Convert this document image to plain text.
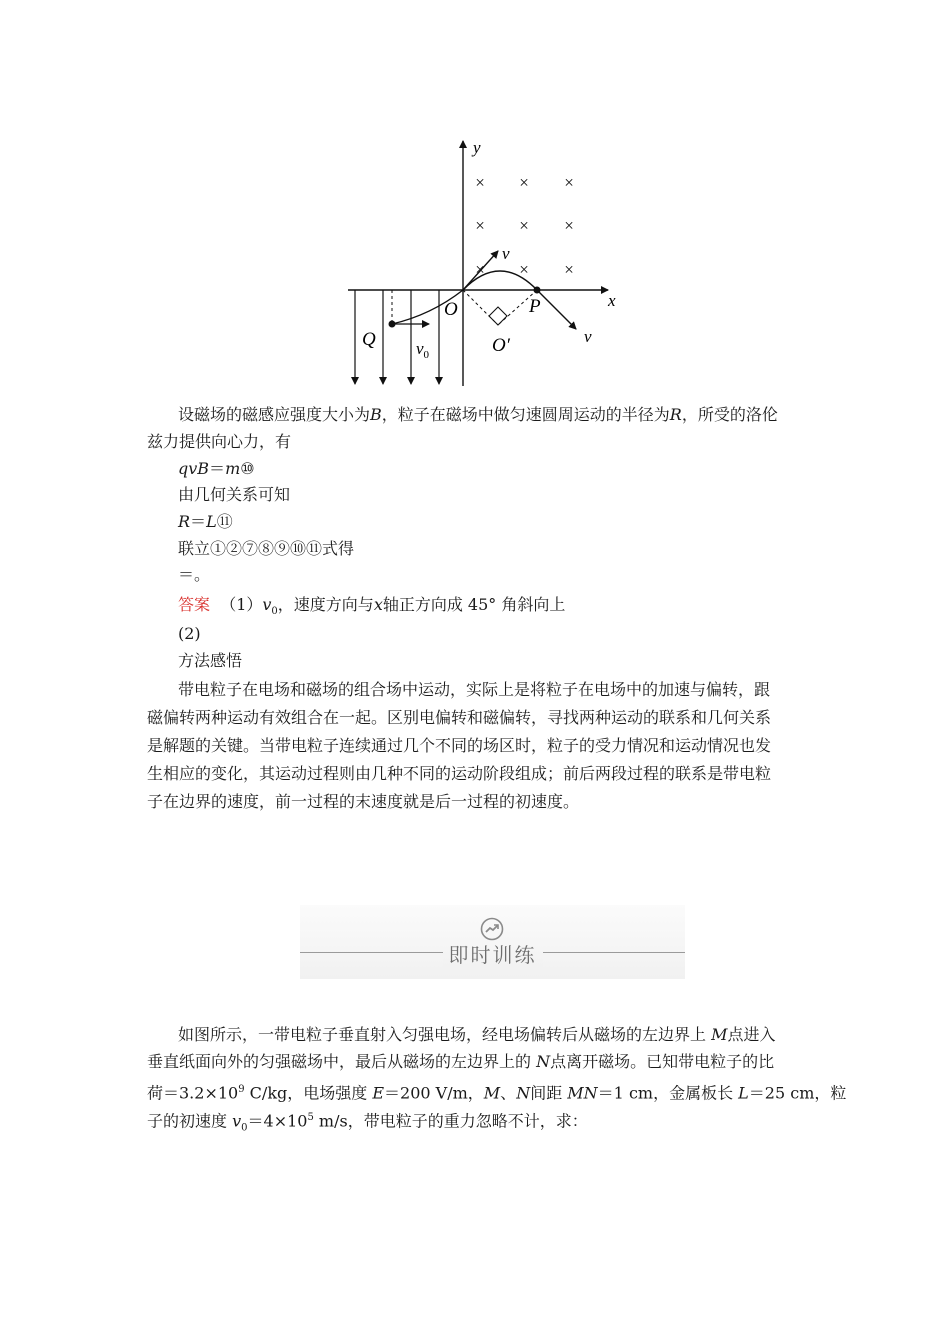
y
x
× × ×
× × ×
× × ×
O	P
Q	O′
v
v
$v_0$
设磁场的磁感应强度大小为B，粒子在磁场中做匀速圆周运动的半径为R，所受的洛伦
兹力提供向心力，有
qvB＝m⑩
由几何关系可知
R＝L⑪
联立①②⑦⑧⑨⑩⑪式得
＝。
答案 $(1)v_0$，速度方向与x轴正方向成 45° 角斜向上
(2)
方法感悟
带电粒子在电场和磁场的组合场中运动，实际上是将粒子在电场中的加速与偏转，跟
磁偏转两种运动有效组合在一起。区别电偏转和磁偏转，寻找两种运动的联系和几何关系
是解题的关键。当带电粒子连续通过几个不同的场区时，粒子的受力情况和运动情况也发
生相应的变化，其运动过程则由几种不同的运动阶段组成；前后两段过程的联系是带电粒
子在边界的速度，前一过程的末速度就是后一过程的初速度。
即时训练
如图所示，一带电粒子垂直射入匀强电场，经电场偏转后从磁场的左边界上 M点进入
垂直纸面向外的匀强磁场中，最后从磁场的左边界上的 N点离开磁场。已知带电粒子的比
荷$=3.2\times 10^9$ C/kg，电场强度 E＝200 V/m，M、N间距 MN＝1 cm，金属板长 L＝25 cm，粒
子的初速度 $v_0=4\times 10^5$ m/s，带电粒子的重力忽略不计，求：
